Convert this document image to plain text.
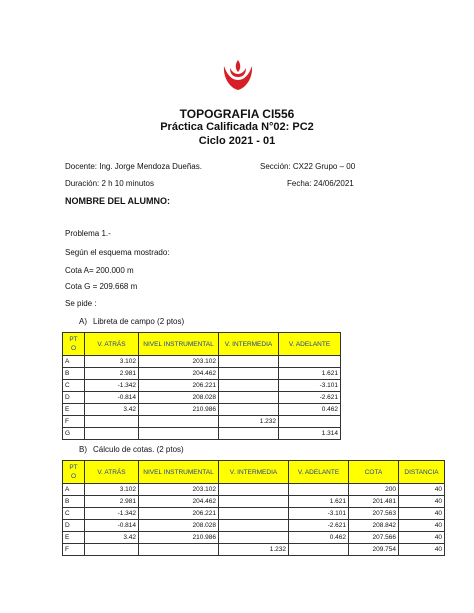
TOPOGRAFIA CI556
Práctica Calificada N°02: PC2
Ciclo 2021 - 01
Docente: Ing. Jorge Mendoza Dueñas.	Sección: CX22 Grupo – 00
Duración: 2 h 10 minutos	Fecha: 24/06/2021
NOMBRE DEL ALUMNO:
Problema 1.-
Según el esquema mostrado:
Cota A= 200.000 m
Cota G = 209.668 m
Se pide :
A) Libreta de campo (2 ptos)
PT
O	V. ATRÁS	NIVEL INSTRUMENTAL	V. INTERMEDIA	V. ADELANTE
A	3.102	203.102		
B	2.981	204.462		1.621
C	-1.342	206.221		-3.101
D	-0.814	208.028		-2.621
E	3.42	210.986		0.462
F			1.232	
G				1.314
B) Cálculo de cotas. (2 ptos)
PT
O	V. ATRÁS	NIVEL INSTRUMENTAL	V. INTERMEDIA	V. ADELANTE	COTA	DISTANCIA
A	3.102	203.102			200	40
B	2.981	204.462		1.621	201.481	40
C	-1.342	206.221		-3.101	207.563	40
D	-0.814	208.028		-2.621	208.842	40
E	3.42	210.986		0.462	207.566	40
F			1.232		209.754	40
